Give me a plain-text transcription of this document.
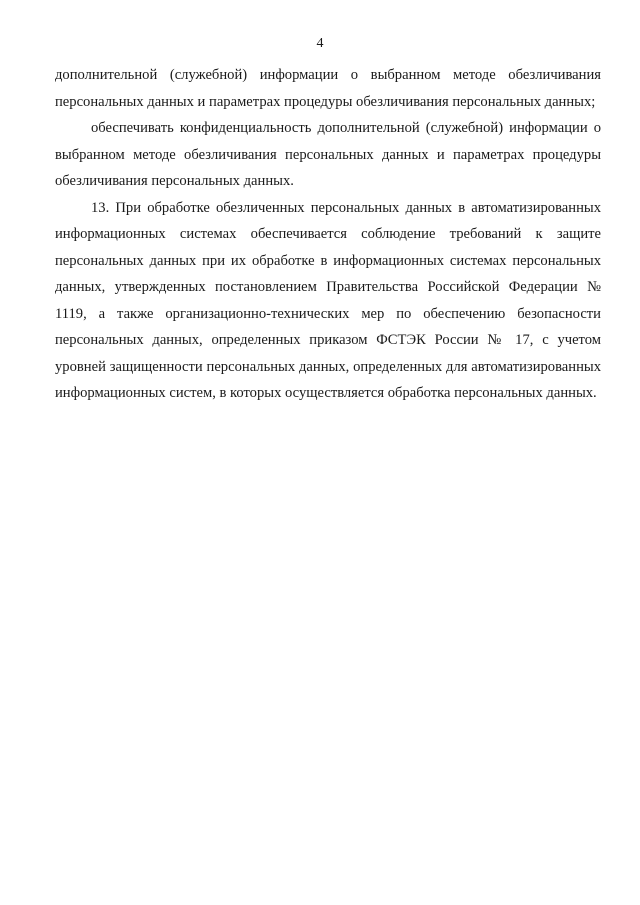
4

дополнительной (служебной) информации о выбранном методе обезличивания персональных данных и параметрах процедуры обезличивания персональных данных;

обеспечивать конфиденциальность дополнительной (служебной) информации о выбранном методе обезличивания персональных данных и параметрах процедуры обезличивания персональных данных.

13. При обработке обезличенных персональных данных в автоматизированных информационных системах обеспечивается соблюдение требований к защите персональных данных при их обработке в информационных системах персональных данных, утвержденных постановлением Правительства Российской Федерации № 1119, а также организационно-технических мер по обеспечению безопасности персональных данных, определенных приказом ФСТЭК России № 17, с учетом уровней защищенности персональных данных, определенных для автоматизированных информационных систем, в которых осуществляется обработка персональных данных.
